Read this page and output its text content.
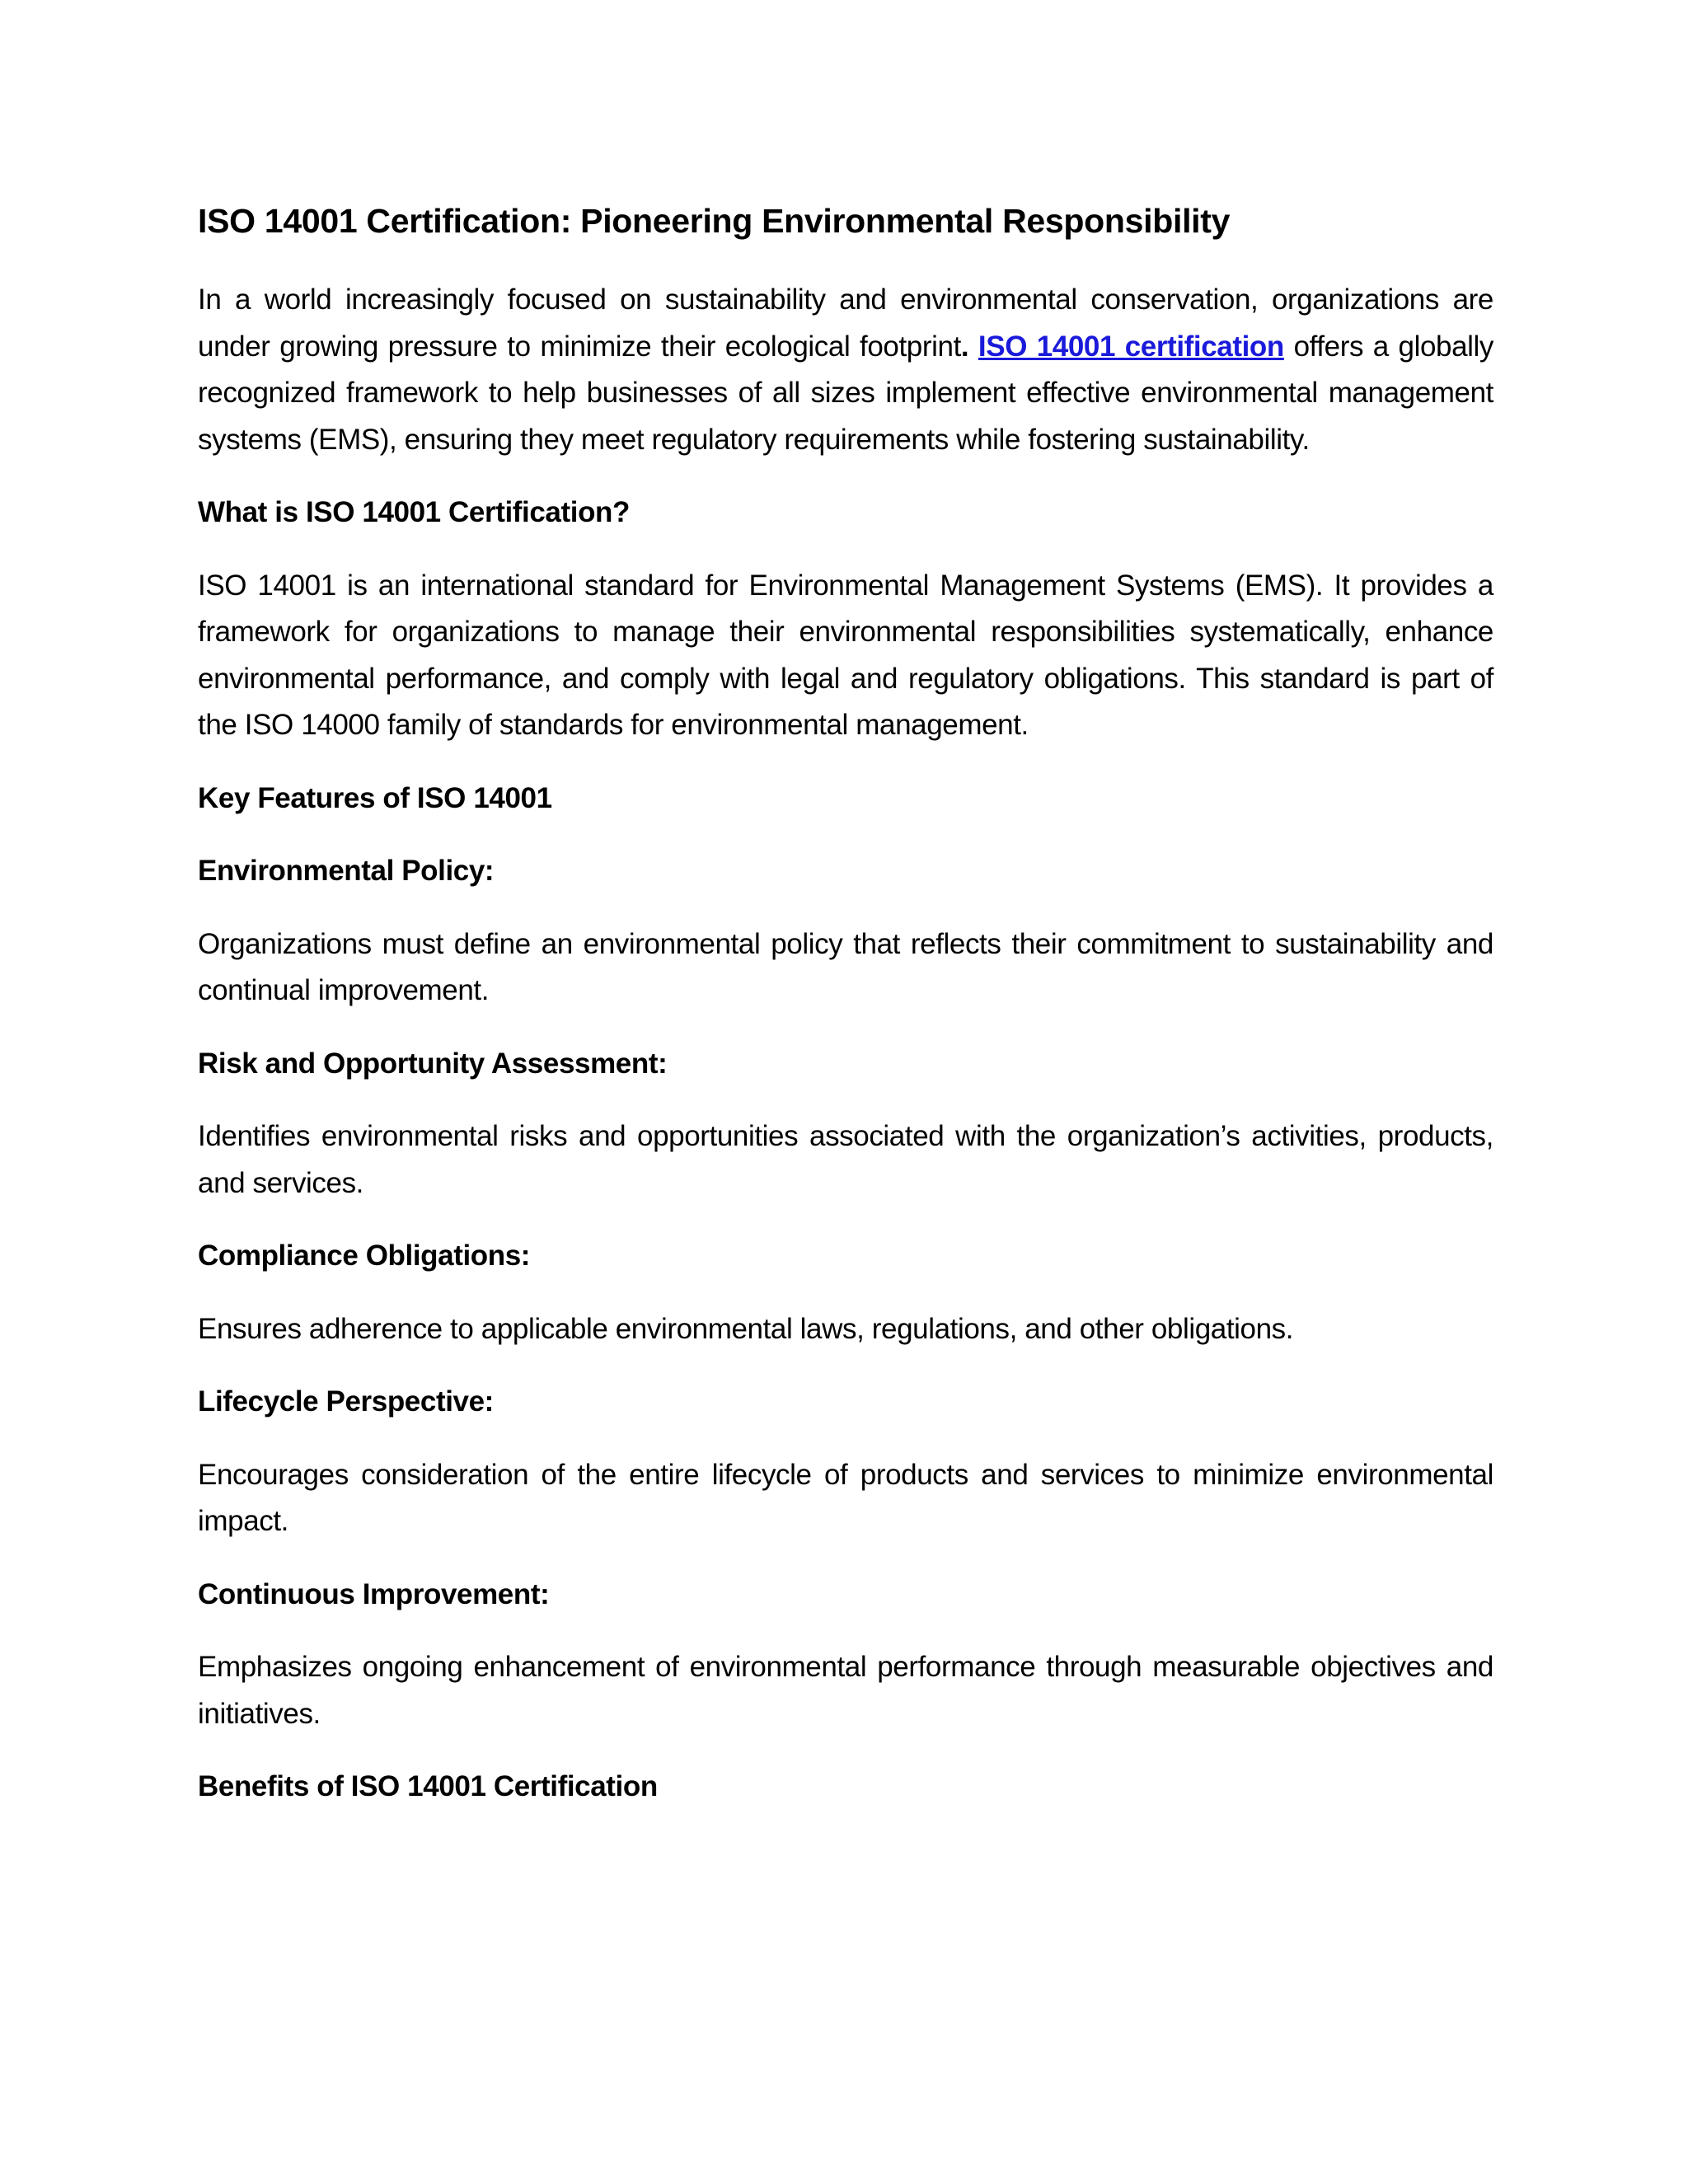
ISO 14001 Certification: Pioneering Environmental Responsibility

In a world increasingly focused on sustainability and environmental conservation, organizations are under growing pressure to minimize their ecological footprint. ISO 14001 certification offers a globally recognized framework to help businesses of all sizes implement effective environmental management systems (EMS), ensuring they meet regulatory requirements while fostering sustainability.

What is ISO 14001 Certification?

ISO 14001 is an international standard for Environmental Management Systems (EMS). It provides a framework for organizations to manage their environmental responsibilities systematically, enhance environmental performance, and comply with legal and regulatory obligations. This standard is part of the ISO 14000 family of standards for environmental management.

Key Features of ISO 14001
Environmental Policy:

Organizations must define an environmental policy that reflects their commitment to sustainability and continual improvement.

Risk and Opportunity Assessment:

Identifies environmental risks and opportunities associated with the organization’s activities, products, and services.

Compliance Obligations:

Ensures adherence to applicable environmental laws, regulations, and other obligations.

Lifecycle Perspective:

Encourages consideration of the entire lifecycle of products and services to minimize environmental impact.

Continuous Improvement:

Emphasizes ongoing enhancement of environmental performance through measurable objectives and initiatives.

Benefits of ISO 14001 Certification
